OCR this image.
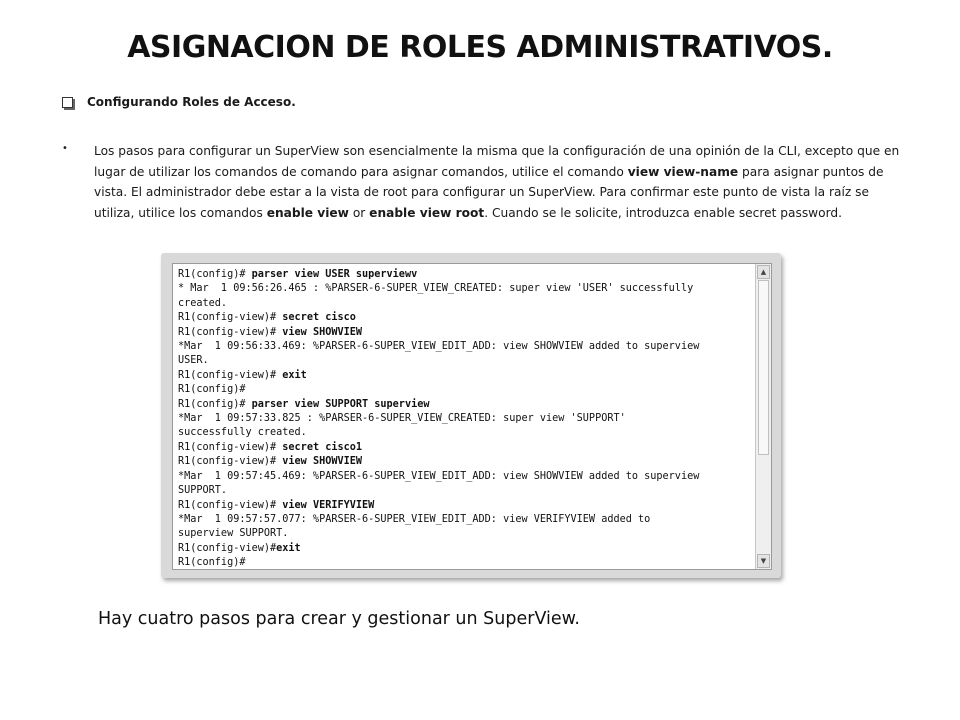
ASIGNACION DE ROLES ADMINISTRATIVOS.
Configurando Roles de Acceso.
• Los pasos para configurar un SuperView son esencialmente la misma que la configuración de una opinión de la CLI, excepto que en lugar de utilizar los comandos de comando para asignar comandos, utilice el comando view view-name para asignar puntos de vista. El administrador debe estar a la vista de root para configurar un SuperView. Para confirmar este punto de vista la raíz se utiliza, utilice los comandos enable view or enable view root. Cuando se le solicite, introduzca enable secret password.
R1(config)# parser view USER superviewv
* Mar  1 09:56:26.465 : %PARSER-6-SUPER_VIEW_CREATED: super view 'USER' successfully
created.
R1(config-view)# secret cisco
R1(config-view)# view SHOWVIEW
*Mar  1 09:56:33.469: %PARSER-6-SUPER_VIEW_EDIT_ADD: view SHOWVIEW added to superview
USER.
R1(config-view)# exit
R1(config)#
R1(config)# parser view SUPPORT superview
*Mar  1 09:57:33.825 : %PARSER-6-SUPER_VIEW_CREATED: super view 'SUPPORT'
successfully created.
R1(config-view)# secret cisco1
R1(config-view)# view SHOWVIEW
*Mar  1 09:57:45.469: %PARSER-6-SUPER_VIEW_EDIT_ADD: view SHOWVIEW added to superview
SUPPORT.
R1(config-view)# view VERIFYVIEW
*Mar  1 09:57:57.077: %PARSER-6-SUPER_VIEW_EDIT_ADD: view VERIFYVIEW added to
superview SUPPORT.
R1(config-view)#exit
R1(config)#
▲
▼
Hay cuatro pasos para crear y gestionar un SuperView.
